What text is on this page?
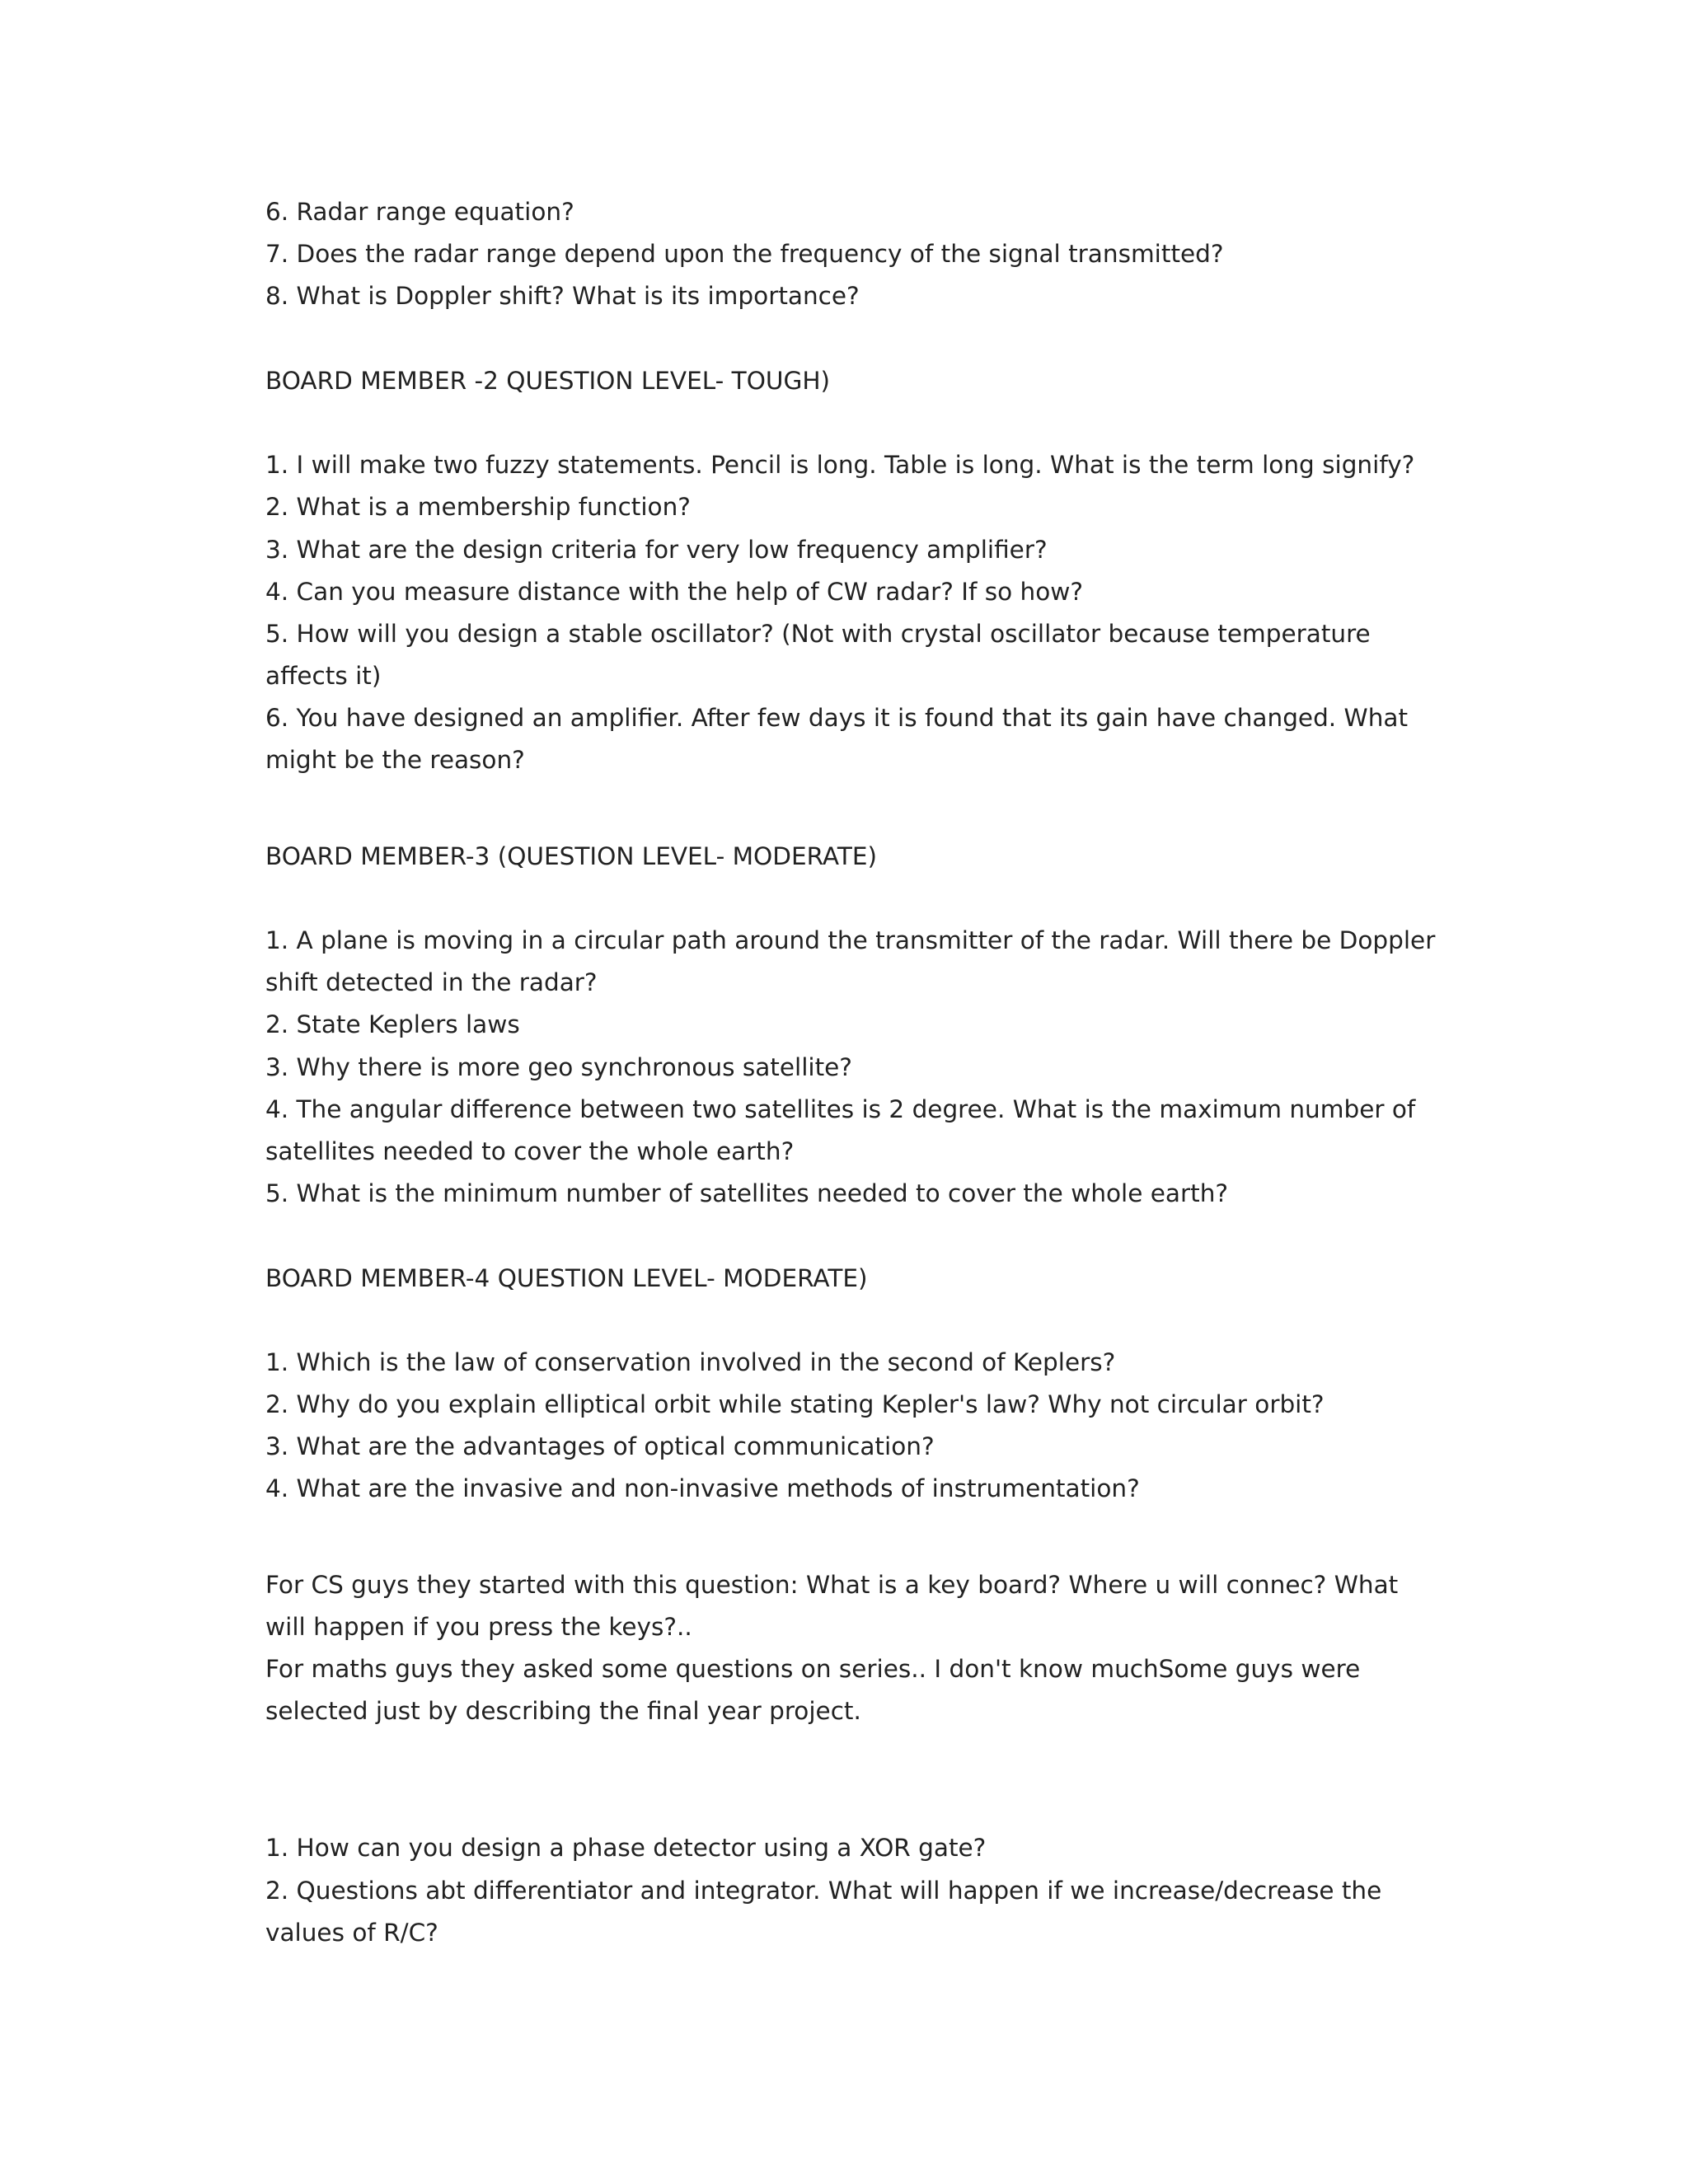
6. Radar range equation?
7. Does the radar range depend upon the frequency of the signal transmitted?
8. What is Doppler shift? What is its importance?
BOARD MEMBER -2 QUESTION LEVEL- TOUGH)
1. I will make two fuzzy statements. Pencil is long. Table is long. What is the term long signify?
2. What is a membership function?
3. What are the design criteria for very low frequency amplifier?
4. Can you measure distance with the help of CW radar? If so how?
5. How will you design a stable oscillator? (Not with crystal oscillator because temperature
affects it)
6. You have designed an amplifier. After few days it is found that its gain have changed. What
might be the reason?
BOARD MEMBER-3 (QUESTION LEVEL- MODERATE)
1. A plane is moving in a circular path around the transmitter of the radar. Will there be Doppler
shift detected in the radar?
2. State Keplers laws
3. Why there is more geo synchronous satellite?
4. The angular difference between two satellites is 2 degree. What is the maximum number of
satellites needed to cover the whole earth?
5. What is the minimum number of satellites needed to cover the whole earth?
BOARD MEMBER-4 QUESTION LEVEL- MODERATE)
1. Which is the law of conservation involved in the second of Keplers?
2. Why do you explain elliptical orbit while stating Kepler's law? Why not circular orbit?
3. What are the advantages of optical communication?
4. What are the invasive and non-invasive methods of instrumentation?
For CS guys they started with this question: What is a key board? Where u will connec? What
will happen if you press the keys?..
For maths guys they asked some questions on series.. I don't know muchSome guys were
selected just by describing the final year project.
1. How can you design a phase detector using a XOR gate?
2. Questions abt differentiator and integrator. What will happen if we increase/decrease the
values of R/C?
